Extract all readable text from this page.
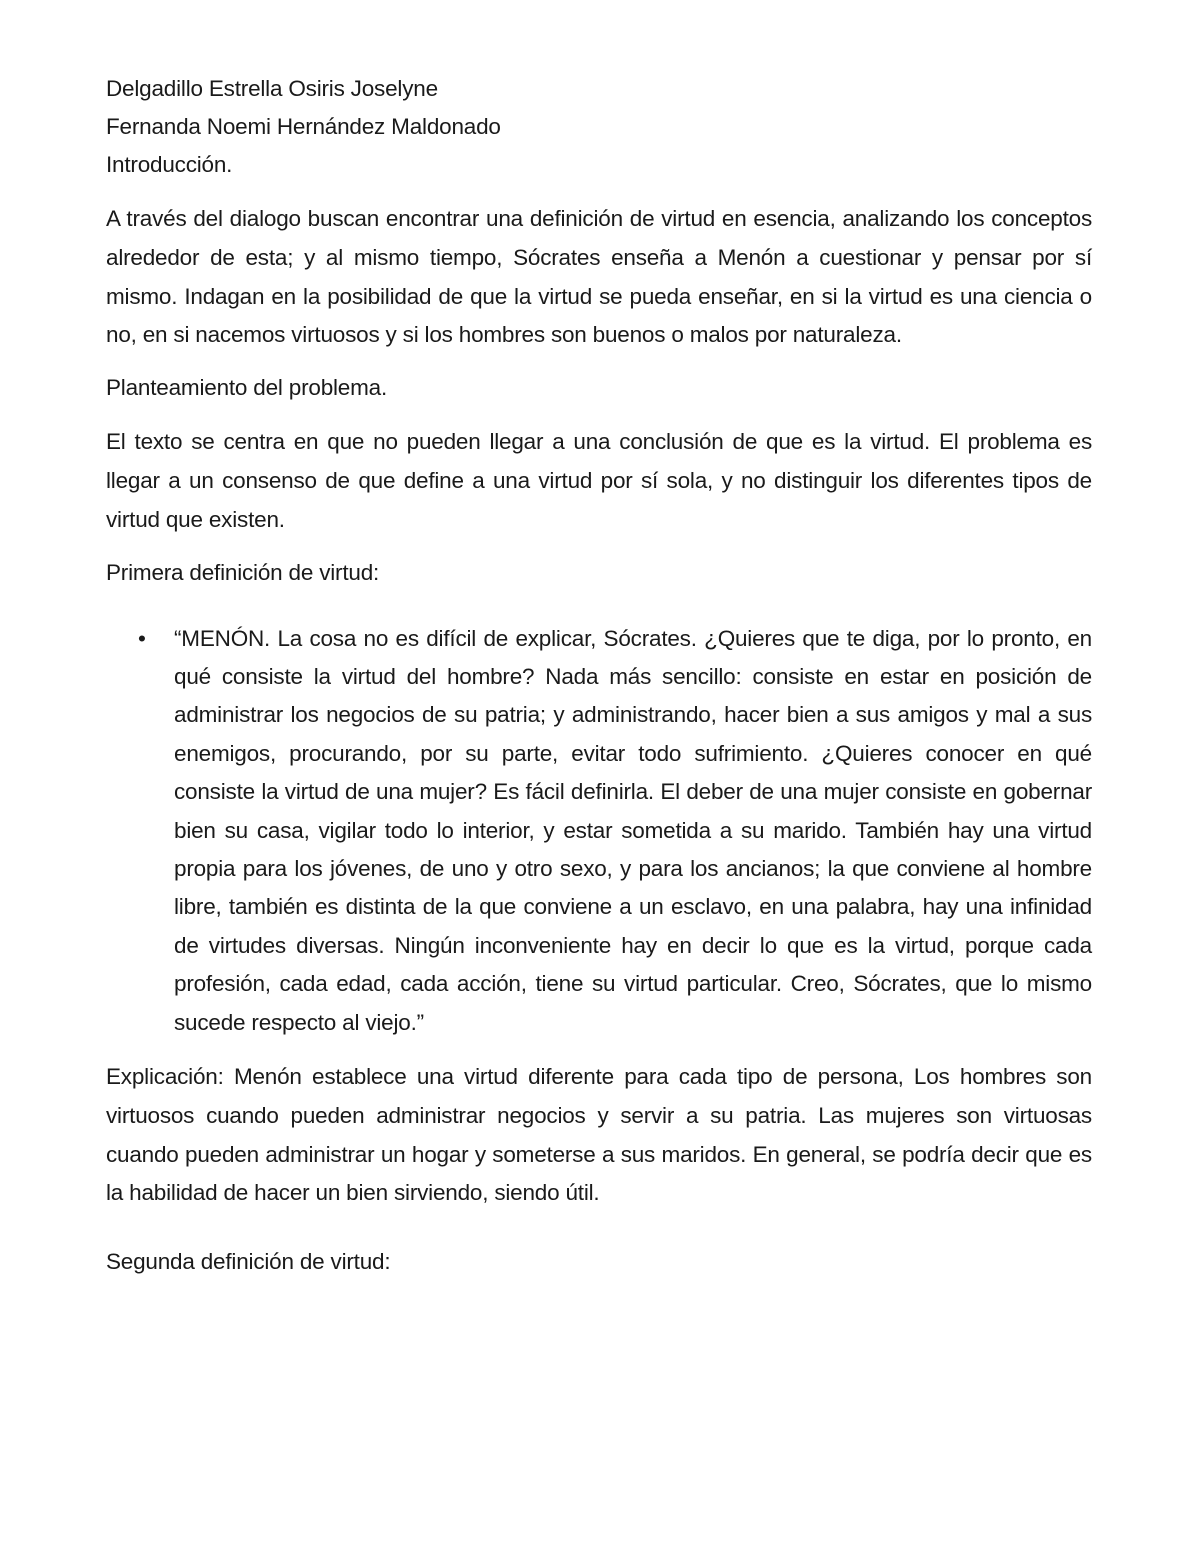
Delgadillo Estrella Osiris Joselyne

Fernanda Noemi Hernández Maldonado

Introducción.

A través del dialogo buscan encontrar una definición de virtud en esencia, analizando los conceptos alrededor de esta; y al mismo tiempo, Sócrates enseña a Menón a cuestionar y pensar por sí mismo. Indagan en la posibilidad de que la virtud se pueda enseñar, en si la virtud es una ciencia o no, en si nacemos virtuosos y si los hombres son buenos o malos por naturaleza.

Planteamiento del problema.

El texto se centra en que no pueden llegar a una conclusión de que es la virtud. El problema es llegar a un consenso de que define a una virtud por sí sola, y no distinguir los diferentes tipos de virtud que existen.

Primera definición de virtud:

•	“MENÓN. La cosa no es difícil de explicar, Sócrates. ¿Quieres que te diga, por lo pronto, en qué consiste la virtud del hombre? Nada más sencillo: consiste en estar en posición de administrar los negocios de su patria; y administrando, hacer bien a sus amigos y mal a sus enemigos, procurando, por su parte, evitar todo sufrimiento. ¿Quieres conocer en qué consiste la virtud de una mujer? Es fácil definirla. El deber de una mujer consiste en gobernar bien su casa, vigilar todo lo interior, y estar sometida a su marido. También hay una virtud propia para los jóvenes, de uno y otro sexo, y para los ancianos; la que conviene al hombre libre, también es distinta de la que conviene a un esclavo, en una palabra, hay una infinidad de virtudes diversas. Ningún inconveniente hay en decir lo que es la virtud, porque cada profesión, cada edad, cada acción, tiene su virtud particular. Creo, Sócrates, que lo mismo sucede respecto al viejo.”

Explicación: Menón establece una virtud diferente para cada tipo de persona, Los hombres son virtuosos cuando pueden administrar negocios y servir a su patria. Las mujeres son virtuosas cuando pueden administrar un hogar y someterse a sus maridos. En general, se podría decir que es la habilidad de hacer un bien sirviendo, siendo útil.

Segunda definición de virtud:
